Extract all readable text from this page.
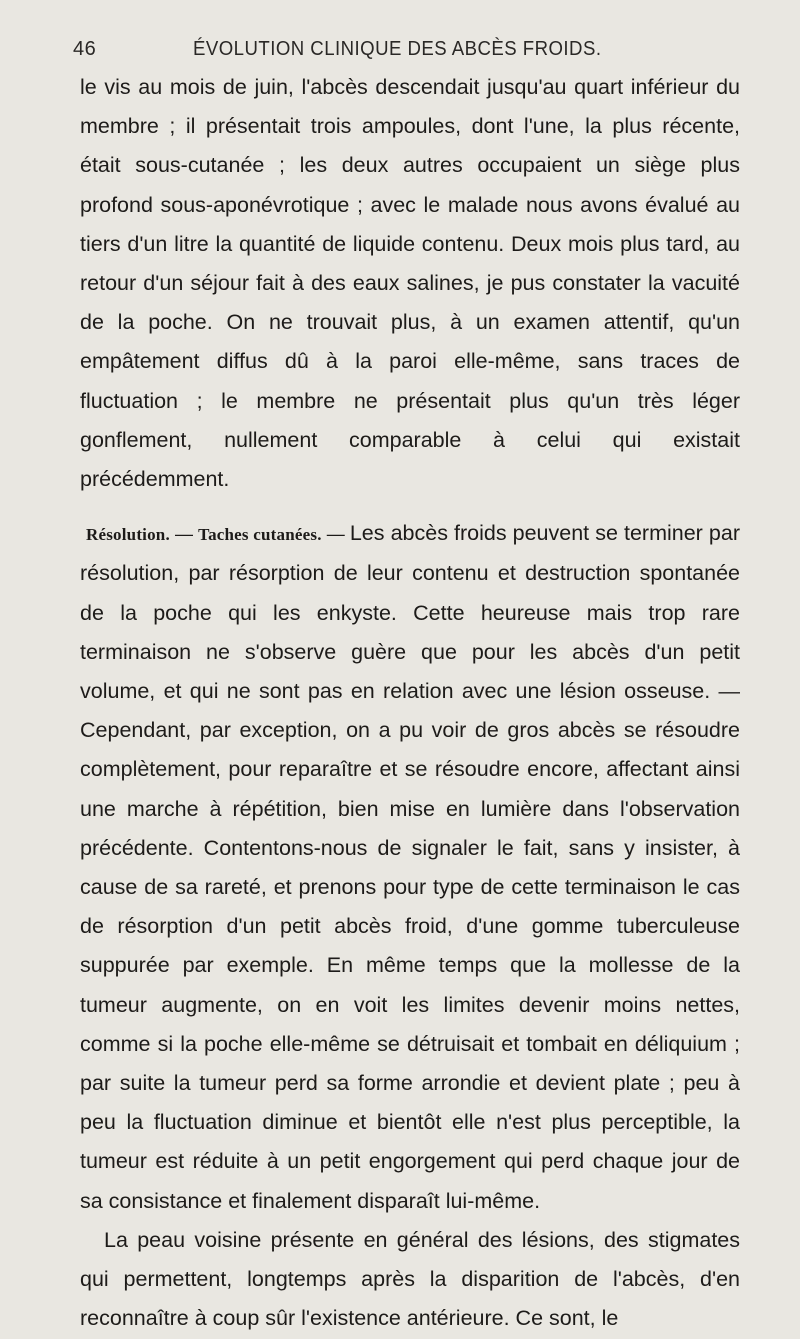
46	ÉVOLUTION CLINIQUE DES ABCÈS FROIDS.

le vis au mois de juin, l'abcès descendait jusqu'au quart inférieur du membre ; il présentait trois ampoules, dont l'une, la plus récente, était sous-cutanée ; les deux autres occupaient un siège plus profond sous-aponévrotique ; avec le malade nous avons évalué au tiers d'un litre la quantité de liquide contenu. Deux mois plus tard, au retour d'un séjour fait à des eaux salines, je pus constater la vacuité de la poche. On ne trouvait plus, à un examen attentif, qu'un empâtement diffus dû à la paroi elle-même, sans traces de fluctuation ; le membre ne présentait plus qu'un très léger gonflement, nullement comparable à celui qui existait précédemment.

Résolution. — Taches cutanées. — Les abcès froids peuvent se terminer par résolution, par résorption de leur contenu et destruction spontanée de la poche qui les enkyste. Cette heureuse mais trop rare terminaison ne s'observe guère que pour les abcès d'un petit volume, et qui ne sont pas en relation avec une lésion osseuse. — Cependant, par exception, on a pu voir de gros abcès se résoudre complètement, pour reparaître et se résoudre encore, affectant ainsi une marche à répétition, bien mise en lumière dans l'observation précédente. Contentons-nous de signaler le fait, sans y insister, à cause de sa rareté, et prenons pour type de cette terminaison le cas de résorption d'un petit abcès froid, d'une gomme tuberculeuse suppurée par exemple. En même temps que la mollesse de la tumeur augmente, on en voit les limites devenir moins nettes, comme si la poche elle-même se détruisait et tombait en déliquium ; par suite la tumeur perd sa forme arrondie et devient plate ; peu à peu la fluctuation diminue et bientôt elle n'est plus perceptible, la tumeur est réduite à un petit engorgement qui perd chaque jour de sa consistance et finalement disparaît lui-même.

La peau voisine présente en général des lésions, des stigmates qui permettent, longtemps après la disparition de l'abcès, d'en reconnaître à coup sûr l'existence antérieure. Ce sont, le
